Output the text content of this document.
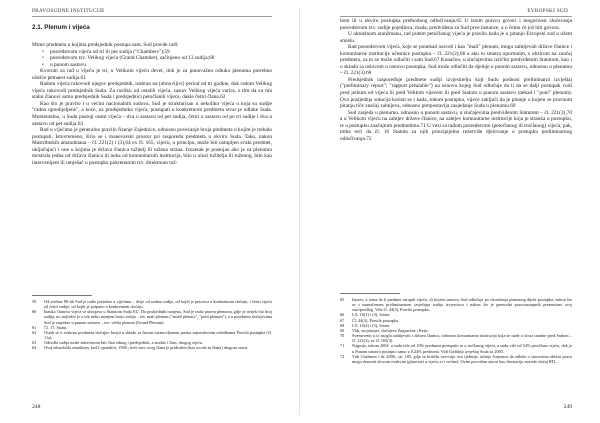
PRAVOSUDNE INSTITUCIJE
2.1. Plenum i vijeća

Mimo predmeta u kojima predsjednik postupa sam, Sud pravde radi:

• posredstvom vijeća od tri ili pet sudija ("Chambers");59
• posredstvom tzv. Velikog vijeća (Grand Chamber), sačinjeno od 13 sudija;60
• u punom sastavu.

Kvorum za rad u vijeću je tri, u Velikom vijeću devet, dok je za punovažnu odluku plenuma potrebno učešće petnaest sudija.61

Radom vijeća rukovodi njegov predsjednik, izabran na (obnovljivi) period od tri godine, dok radom Velikog vijeća rukovodi predsjednik Suda. Za razliku od ostalih vijeća, sastav Velikog vijeća varira, s tim da su mu stalni članovi samo predsjednik Suda i predsjednici petočlanih vijeća, dakle četiri člana.62

Kao što je pravilo i u većini nacionalnih sudova, Sud je strukturisan u nekoliko vijeća u koja su sudije "radno opredijeljene", a koće, uz predsjednika vijeća, postupati u konkretnom predmetu stvar je odluke Suda. Momentalno, u Sudu postoji osam vijeća – dva u sastavu od pet sudija, četiri u sastavu od po tri sudije i dva u sastavu od pet sudija.63

Rad u vijećima je generalno pravilo fizenje Zajednice, odnosno povećanje broja predmeta u kojim je trebalo postupati. Istovremeno, širio se i manevarski prostor pri rasporedu predmeta u okviru Suda. Tako, nakon Mastrihtskih amandmana – čl. 221(2) i (3),64 ex čl. 165, vijeću, u principu, može biti ustupljen svaki predmet, uključujući i one u kojima je država članica tužitelj ili tužena strana. Izuzetak je postojao ako je za plenumu mostrala jedna od država članica ili neka od komunitarnih institucija, bilo u ulozi tužitelja ili tuženog, bilo kao intervenijent ili umješač u postupku pokrenutom tzv. direktnom tuž-

59	Od sredine 80-tih Sud je radio pretežno u vijećima – dvije od sedam sudija, od kojih je petorica u konkretnom slučaju, i četiri vijeća od četiri sudije, od kojih je potpuno u konkretnom slučaju.
60	Inauka članova vijeća se ubrojava u Statutom Suda EU. Do posljednjih izmjena, Sud je radio putem plenuma, gdje je uvijek bio broj sudija, no najčešće je u tek nešto manjem broju sudija – tzv. mali plenum ("small plenary", "petit plenum"), a u posebnim slučajevima Sud je zasjedao u punom sastavu – tzv. veliki plenum (Grand Plenum).
61	Čl. 17, Statut.
62	Ostali se u svakom predmetu slučajno biraju u skladu sa listom ustanovljenom prema mjerodavnim odredbama Pravila postupka (čl. 11a).
63	Odredbi sudija može intervenom biti član odnog i predsjednik, a studito i član, drugog vijeća.
64	Ovaj tehnološki otnaškom, kod Lopandića, 1998.; treći stav ovog člana je pridružen (kao uvoda ni članu) drugom stavu.
248
EVROPSKI SUD

bom ili u okviru postupka prethodnog odlučivanja.65 U istom pravcu govori i mogućnost slučevanja posredstvom tzv. sudije pojedinca, mada, predviđena za Sud prve instance, a o čemu će još biti govora.

U aktuelnom aranžmanu, rad putem petočlanog vijeća je pravilo kada je u pitanju Evropski sud u užem smislu.

Rad posredstvom vijeća, koje se ponekad navodi i kao "mali" plenum, mogu zahtijevati države članice i komunitarne institucije učesnice postupka – čl. 221(2),66 a ako to smatra oportunim, s obzirom na značaj predmeta, za to se može odlučiti i sam Sud.67 Konačno, u slučajevima izričito predviđenim Statutom, kao i u skladu sa uslovom u osnovu postupka, Sud može odlučiti da djeluje u punom sastavu, odnosno u plenumu – čl. 221(3).68

Predsjednik raspoređuje predmete sudiji izvjestitelju koji Sudu podnosi preliminarni izvještaj ("preliminary report"; "rapport préalable") na osnovu kojeg Sud odlučuje da li da se dalji postupak vodi pred jednim od vijeća ili pred Velikim vijećem ili pred Sudom u punom sastavu (nekad i "puni" plenum). Ova posljednja solucija koristi se i kada, tokom postupka, vijeće zaključi da je pitanje o kojem se pravnom pitanju tiče značaj zahtijeva, odnosno pretpostavlja zasjedanje Suda u plenumu.69

Sud zasjeda u plenumu, odnosno u punom sastavu, u slučajevima predviđenim Statutom – čl. 221(3),70 a u Velikom vijeću na zahtjev države članice, na zahtjev komunitarne institucije koja je stranka u postupku, te u postupku značajnim predmetima.71 U vezi sa radom posredstvom (petočlanog ili tročlanog) vijeća, pak, treba reći da čl. 16 Statuta za njih principijelno rezerviše djelovanje u postupku preliminarnog odlučivanja.72

65	Izuzev, u toma da li predmet ustupiti vijeću, ili kojem sastavu, Sud odlučuje po okončanju pismenog dijela postupka, nakon što se s naznačenom preliminarnom izvještaju sudija izvjestioca i nakon što je generalni pravozastupnik prezentirao svoj stav/predlog. Više čl. 44(3), Pravila postupka.
66	I čl. 16(1) i (3), Statut.
67	Čl. 44(3), Pravila postupka.
68	I čl. 16(4) i (5), Statut.
69	Vidi, na primjer, slučajeve Zagnachie i Ketic.
70	Svenstveno u to mogla zahtijevati i država članica, odnosno komunitarna institucija koja se nađe u ulozi stranke pred Sudom – čl. 221(3), ex čl. 165(3).
71	Najprije, tokom 2004. u sudu više od 10% predmeta postupalo se u tročlanog vijeća, u sudu više od 54% petočlano vijeće, dok je u Punom sastavu postupio samo u 0,24% predmeta. Vidi Godišnji izvještaj Suda za 2005.
72	Vidi Chalmers i dr. 2006., str. 105, gdje se kritički osvrćuju ovo rješenje, tačnije činjenicu da odluke o stavovima oblasti prava mogu donositi slovom ovakvim (glasovati u vijeću a ti većine). Ovim povodom autori kao ilustraciju navode slučaj RTL.
249
